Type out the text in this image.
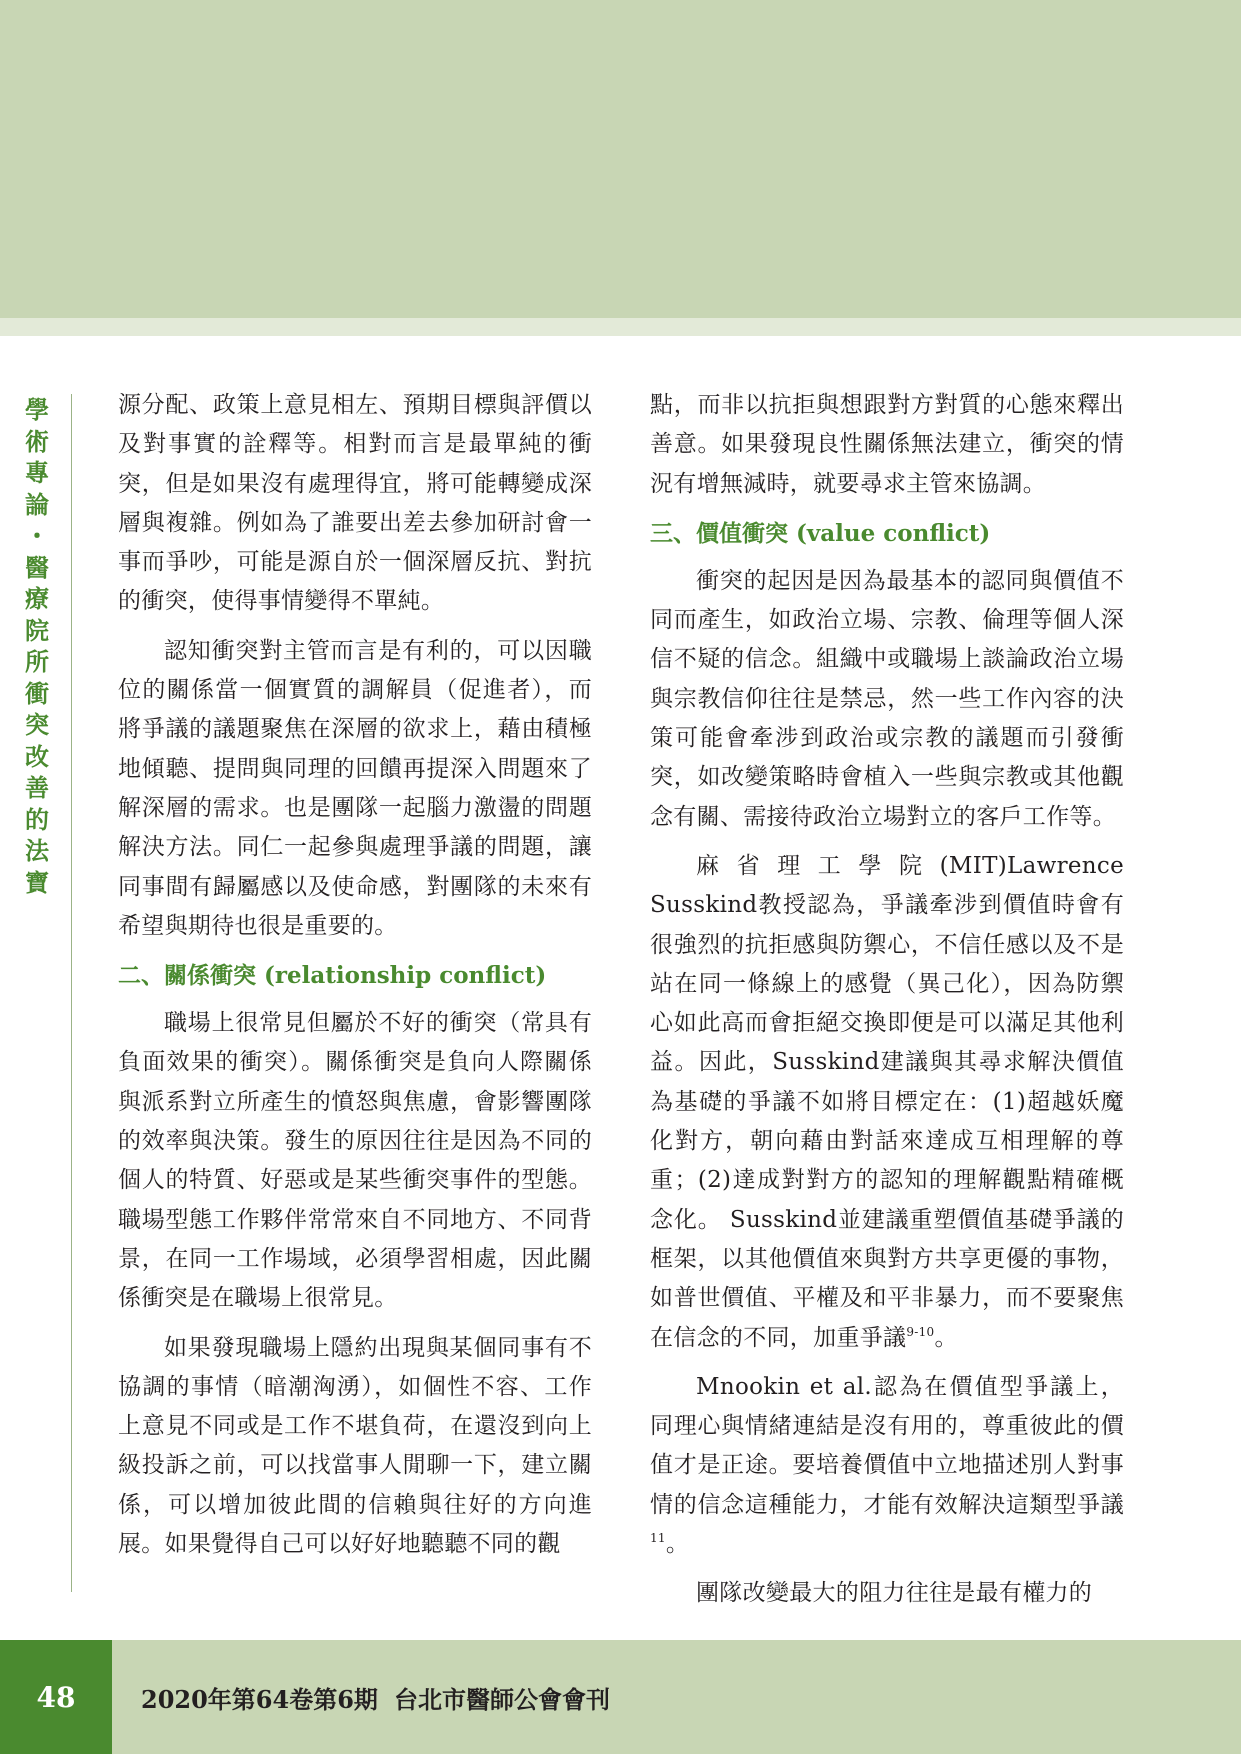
學
術
專
論
・
醫
療
院
所
衝
突
改
善
的
法
寶

源分配、政策上意見相左、預期目標與評價以及對事實的詮釋等。相對而言是最單純的衝突，但是如果沒有處理得宜，將可能轉變成深層與複雜。例如為了誰要出差去參加研討會一事而爭吵，可能是源自於一個深層反抗、對抗的衝突，使得事情變得不單純。

認知衝突對主管而言是有利的，可以因職位的關係當一個實質的調解員（促進者），而將爭議的議題聚焦在深層的欲求上，藉由積極地傾聽、提問與同理的回饋再提深入問題來了解深層的需求。也是團隊一起腦力激盪的問題解決方法。同仁一起參與處理爭議的問題，讓同事間有歸屬感以及使命感，對團隊的未來有希望與期待也很是重要的。

二、關係衝突 (relationship conflict)

職場上很常見但屬於不好的衝突（常具有負面效果的衝突）。關係衝突是負向人際關係與派系對立所產生的憤怒與焦慮，會影響團隊的效率與決策。發生的原因往往是因為不同的個人的特質、好惡或是某些衝突事件的型態。職場型態工作夥伴常常來自不同地方、不同背景，在同一工作場域，必須學習相處，因此關係衝突是在職場上很常見。

如果發現職場上隱約出現與某個同事有不協調的事情（暗潮洶湧），如個性不容、工作上意見不同或是工作不堪負荷，在還沒到向上級投訴之前，可以找當事人閒聊一下，建立關係，可以增加彼此間的信賴與往好的方向進展。如果覺得自己可以好好地聽聽不同的觀

點，而非以抗拒與想跟對方對質的心態來釋出善意。如果發現良性關係無法建立，衝突的情況有增無減時，就要尋求主管來協調。

三、價值衝突 (value conflict)

衝突的起因是因為最基本的認同與價值不同而產生，如政治立場、宗教、倫理等個人深信不疑的信念。組織中或職場上談論政治立場與宗教信仰往往是禁忌，然一些工作內容的決策可能會牽涉到政治或宗教的議題而引發衝突，如改變策略時會植入一些與宗教或其他觀念有關、需接待政治立場對立的客戶工作等。

麻省理工學院(MIT)Lawrence Susskind教授認為，爭議牽涉到價值時會有很強烈的抗拒感與防禦心，不信任感以及不是站在同一條線上的感覺（異己化），因為防禦心如此高而會拒絕交換即便是可以滿足其他利益。因此，Susskind建議與其尋求解決價值為基礎的爭議不如將目標定在：(1)超越妖魔化對方，朝向藉由對話來達成互相理解的尊重；(2)達成對對方的認知的理解觀點精確概念化。 Susskind並建議重塑價值基礎爭議的框架，以其他價值來與對方共享更優的事物，如普世價值、平權及和平非暴力，而不要聚焦在信念的不同，加重爭議$^{9-10}$。

Mnookin et al.認為在價值型爭議上，同理心與情緒連結是沒有用的，尊重彼此的價值才是正途。要培養價值中立地描述別人對事情的信念這種能力，才能有效解決這類型爭議$^{11}$。

團隊改變最大的阻力往往是最有權力的

48	2020年第64卷第6期 台北市醫師公會會刊
